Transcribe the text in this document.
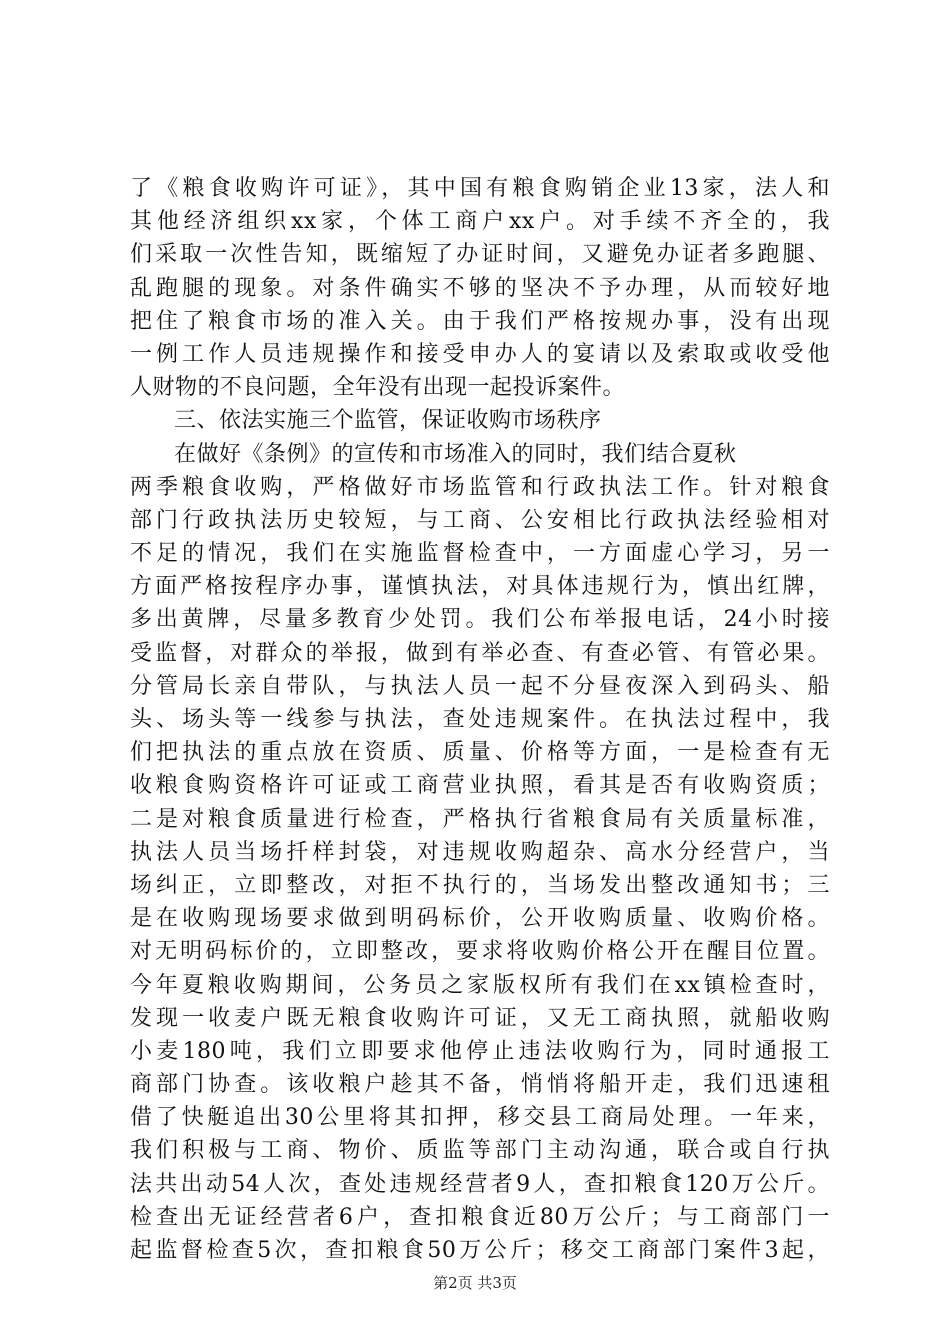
了《粮食收购许可证》，其中国有粮食购销企业13家，法人和
其他经济组织xx家，个体工商户xx户。对手续不齐全的，我
们采取一次性告知，既缩短了办证时间，又避免办证者多跑腿、
乱跑腿的现象。对条件确实不够的坚决不予办理，从而较好地
把住了粮食市场的准入关。由于我们严格按规办事，没有出现
一例工作人员违规操作和接受申办人的宴请以及索取或收受他
人财物的不良问题，全年没有出现一起投诉案件。
三、依法实施三个监管，保证收购市场秩序
在做好《条例》的宣传和市场准入的同时，我们结合夏秋
两季粮食收购，严格做好市场监管和行政执法工作。针对粮食
部门行政执法历史较短，与工商、公安相比行政执法经验相对
不足的情况，我们在实施监督检查中，一方面虚心学习，另一
方面严格按程序办事，谨慎执法，对具体违规行为，慎出红牌，
多出黄牌，尽量多教育少处罚。我们公布举报电话，24小时接
受监督，对群众的举报，做到有举必查、有查必管、有管必果。
分管局长亲自带队，与执法人员一起不分昼夜深入到码头、船
头、场头等一线参与执法，查处违规案件。在执法过程中，我
们把执法的重点放在资质、质量、价格等方面，一是检查有无
收粮食购资格许可证或工商营业执照，看其是否有收购资质；
二是对粮食质量进行检查，严格执行省粮食局有关质量标准，
执法人员当场扦样封袋，对违规收购超杂、高水分经营户，当
场纠正，立即整改，对拒不执行的，当场发出整改通知书；三
是在收购现场要求做到明码标价，公开收购质量、收购价格。
对无明码标价的，立即整改，要求将收购价格公开在醒目位置。
今年夏粮收购期间，公务员之家版权所有我们在xx镇检查时，
发现一收麦户既无粮食收购许可证，又无工商执照，就船收购
小麦180吨，我们立即要求他停止违法收购行为，同时通报工
商部门协查。该收粮户趁其不备，悄悄将船开走，我们迅速租
借了快艇追出30公里将其扣押，移交县工商局处理。一年来，
我们积极与工商、物价、质监等部门主动沟通，联合或自行执
法共出动54人次，查处违规经营者9人，查扣粮食120万公斤。
检查出无证经营者6户，查扣粮食近80万公斤；与工商部门一
起监督检查5次，查扣粮食50万公斤；移交工商部门案件3起，
第2页 共3页
